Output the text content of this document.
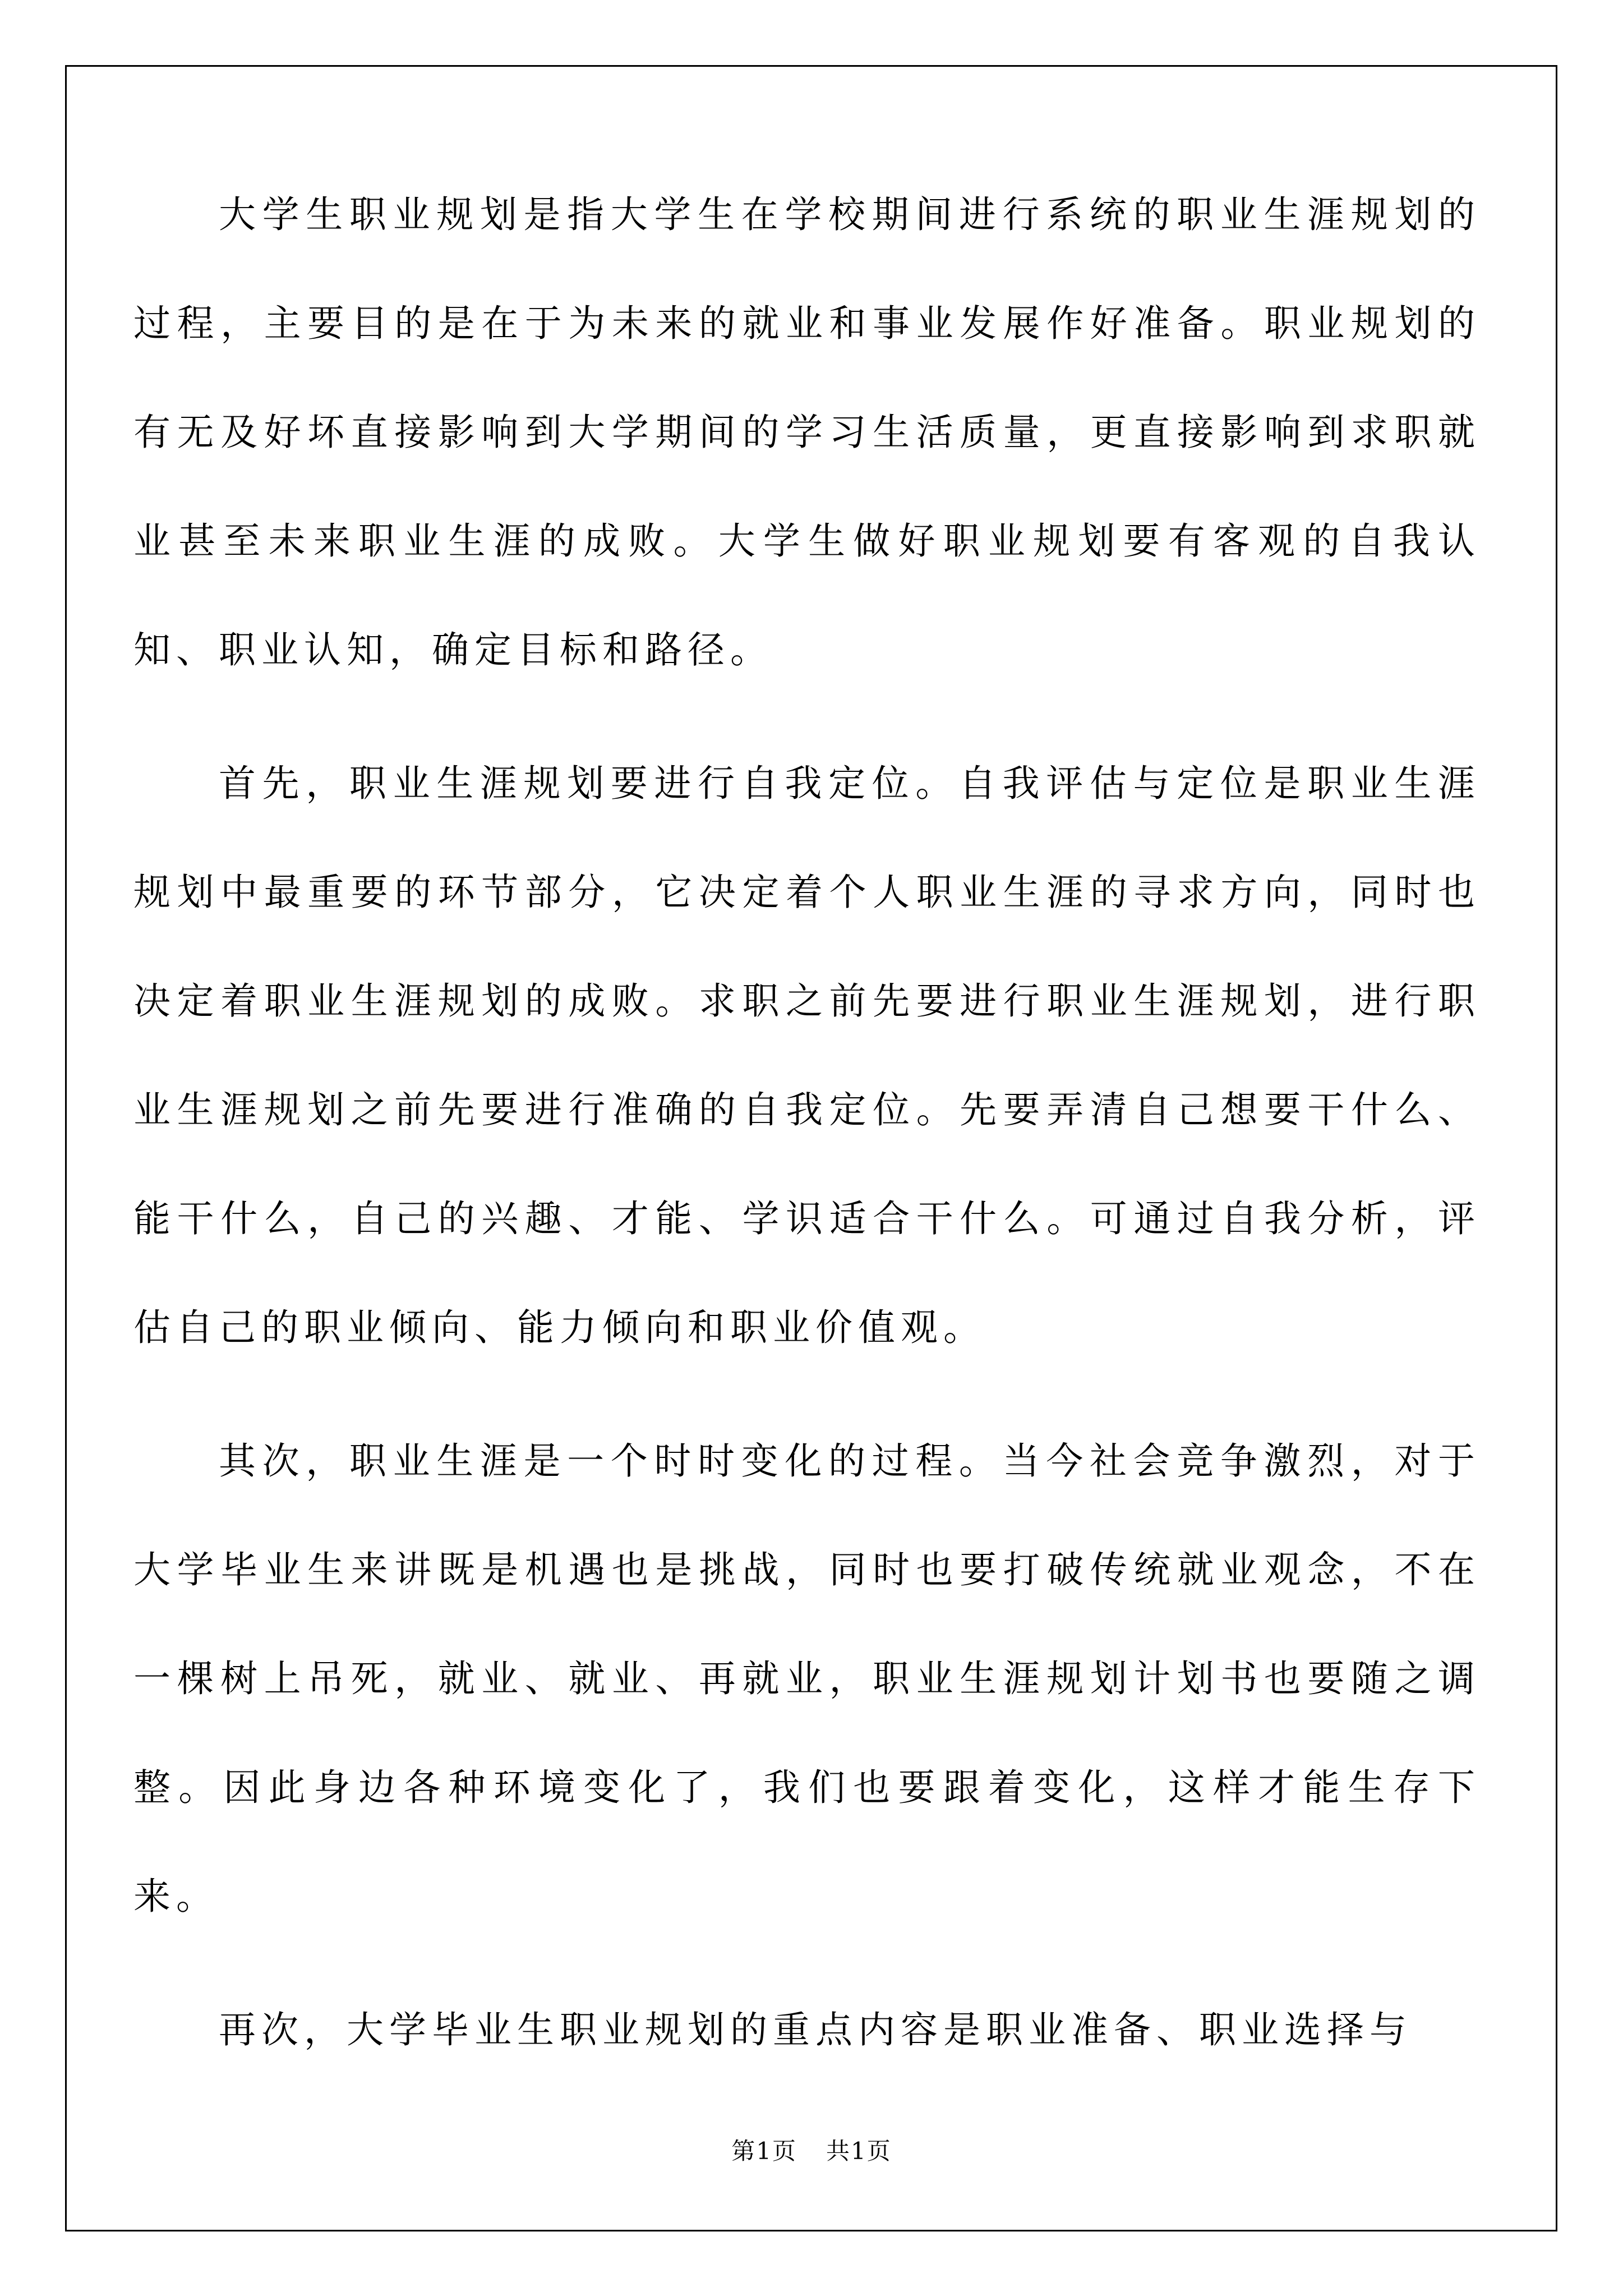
大学生职业规划是指大学生在学校期间进行系统的职业生涯规划的过程，主要目的是在于为未来的就业和事业发展作好准备。职业规划的有无及好坏直接影响到大学期间的学习生活质量，更直接影响到求职就业甚至未来职业生涯的成败。大学生做好职业规划要有客观的自我认知、职业认知，确定目标和路径。

首先，职业生涯规划要进行自我定位。自我评估与定位是职业生涯规划中最重要的环节部分，它决定着个人职业生涯的寻求方向，同时也决定着职业生涯规划的成败。求职之前先要进行职业生涯规划，进行职业生涯规划之前先要进行准确的自我定位。先要弄清自己想要干什么、能干什么，自己的兴趣、才能、学识适合干什么。可通过自我分析，评估自己的职业倾向、能力倾向和职业价值观。

其次，职业生涯是一个时时变化的过程。当今社会竞争激烈，对于大学毕业生来讲既是机遇也是挑战，同时也要打破传统就业观念，不在一棵树上吊死，就业、就业、再就业，职业生涯规划计划书也要随之调整。因此身边各种环境变化了，我们也要跟着变化，这样才能生存下来。

再次，大学毕业生职业规划的重点内容是职业准备、职业选择与

第1页 共1页
